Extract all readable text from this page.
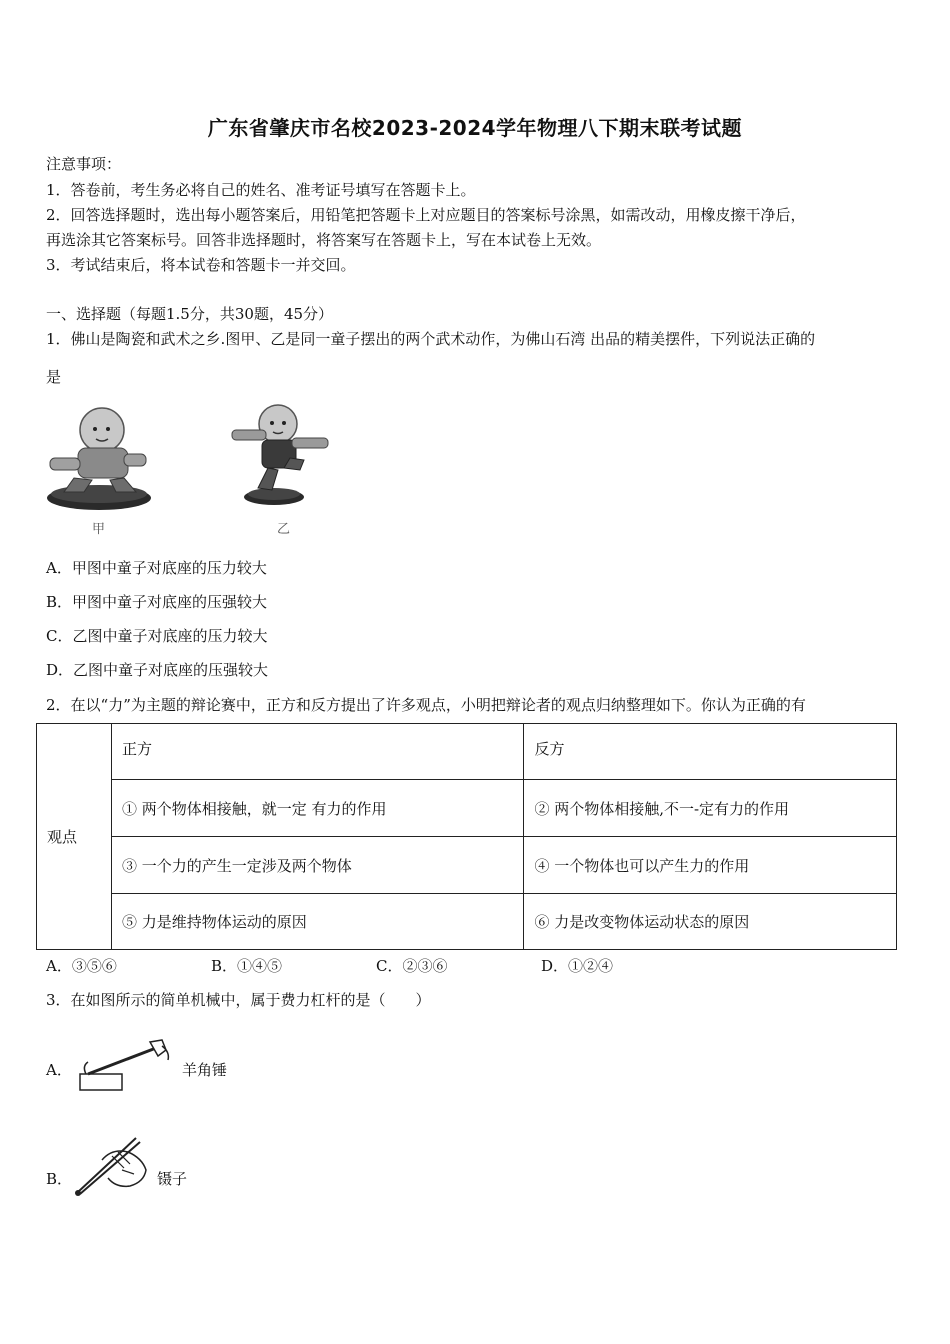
广东省肇庆市名校2023-2024学年物理八下期末联考试题
注意事项：
1．答卷前，考生务必将自己的姓名、准考证号填写在答题卡上。
2．回答选择题时，选出每小题答案后，用铅笔把答题卡上对应题目的答案标号涂黑，如需改动，用橡皮擦干净后，
再选涂其它答案标号。回答非选择题时，将答案写在答题卡上，写在本试卷上无效。
3．考试结束后，将本试卷和答题卡一并交回。
一、选择题（每题1.5分，共30题，45分）
1．佛山是陶瓷和武术之乡.图甲、乙是同一童子摆出的两个武术动作，为佛山石湾 出品的精美摆件，下列说法正确的
是
甲	乙
A．甲图中童子对底座的压力较大
B．甲图中童子对底座的压强较大
C．乙图中童子对底座的压力较大
D．乙图中童子对底座的压强较大
2．在以“力”为主题的辩论赛中，正方和反方提出了许多观点，小明把辩论者的观点归纳整理如下。你认为正确的有
观点	正方	反方
	① 两个物体相接触，就一定 有力的作用	② 两个物体相接触,不一-定有力的作用
	③ 一个力的产生一定涉及两个物体	④ 一个物体也可以产生力的作用
	⑤ 力是维持物体运动的原因	⑥ 力是改变物体运动状态的原因
A．③⑤⑥	B．①④⑤	C．②③⑥	D．①②④
3．在如图所示的简单机械中，属于费力杠杆的是（　　）
A．	羊角锤
B．	镊子
